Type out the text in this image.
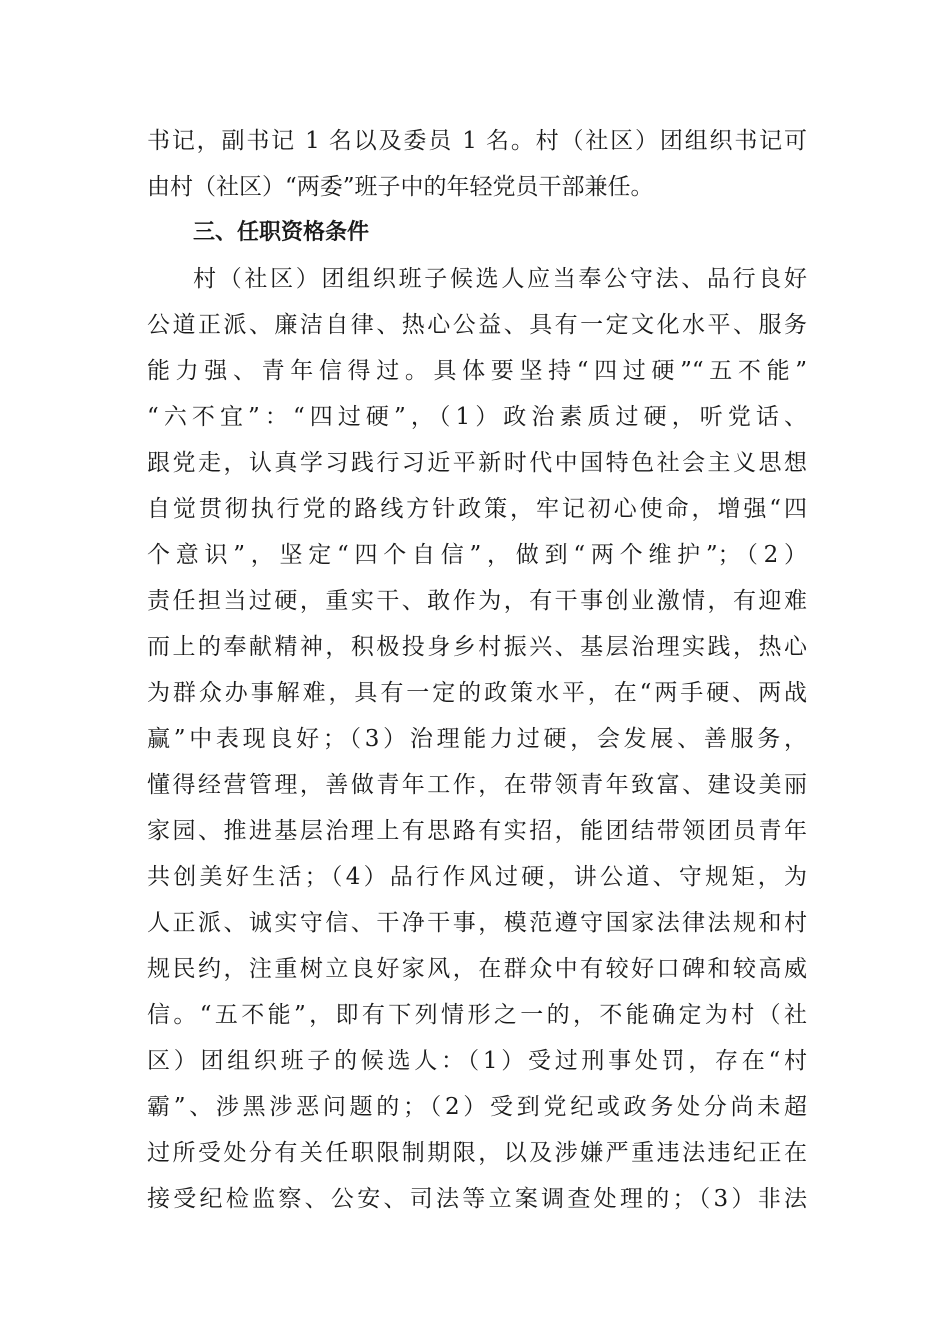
书记，副书记 1 名以及委员 1 名。村（社区）团组织书记可
由村（社区）“两委”班子中的年轻党员干部兼任。
三、任职资格条件
村（社区）团组织班子候选人应当奉公守法、品行良好
公道正派、廉洁自律、热心公益、具有一定文化水平、服务
能力强、青年信得过。具体要坚持“四过硬”“五不能”
“六不宜”：“四过硬”，（1）政治素质过硬，听党话、
跟党走，认真学习践行习近平新时代中国特色社会主义思想
自觉贯彻执行党的路线方针政策，牢记初心使命，增强“四
个意识”，坚定“四个自信”，做到“两个维护”；（2）
责任担当过硬，重实干、敢作为，有干事创业激情，有迎难
而上的奉献精神，积极投身乡村振兴、基层治理实践，热心
为群众办事解难，具有一定的政策水平，在“两手硬、两战
赢”中表现良好；（3）治理能力过硬，会发展、善服务，
懂得经营管理，善做青年工作，在带领青年致富、建设美丽
家园、推进基层治理上有思路有实招，能团结带领团员青年
共创美好生活；（4）品行作风过硬，讲公道、守规矩，为
人正派、诚实守信、干净干事，模范遵守国家法律法规和村
规民约，注重树立良好家风，在群众中有较好口碑和较高威
信。“五不能”，即有下列情形之一的，不能确定为村（社
区）团组织班子的候选人：（1）受过刑事处罚，存在“村
霸”、涉黑涉恶问题的；（2）受到党纪或政务处分尚未超
过所受处分有关任职限制期限，以及涉嫌严重违法违纪正在
接受纪检监察、公安、司法等立案调查处理的；（3）非法
